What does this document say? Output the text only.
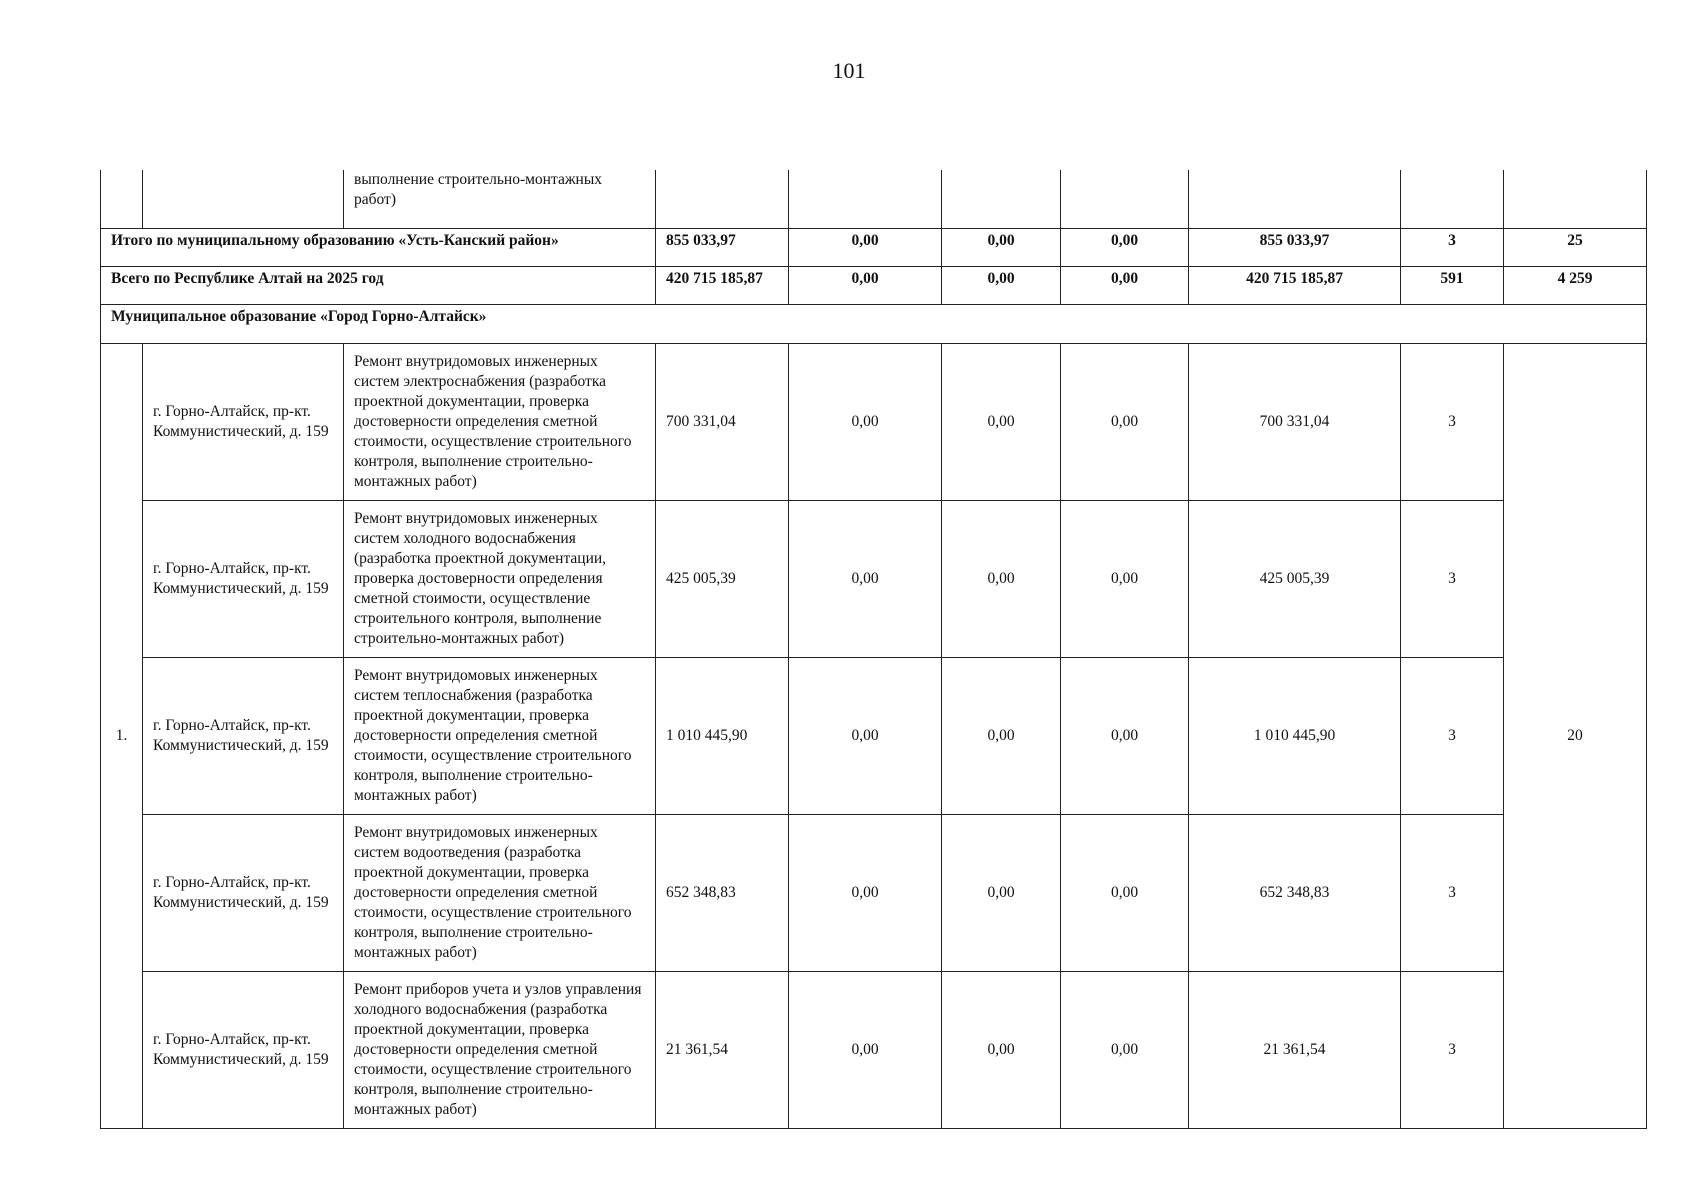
101
		выполнение строительно-монтажных работ)							
Итого по муниципальному образованию «Усть-Канский район»			855 033,97	0,00	0,00	0,00	855 033,97	3	25
Всего по Республике Алтай на 2025 год			420 715 185,87	0,00	0,00	0,00	420 715 185,87	591	4 259
Муниципальное образование «Город Горно-Алтайск»									
1.	г. Горно-Алтайск, пр-кт. Коммунистический, д. 159	Ремонт внутридомовых инженерных систем электроснабжения (разработка проектной документации, проверка достоверности определения сметной стоимости, осуществление строительного контроля, выполнение строительно-монтажных работ)	700 331,04	0,00	0,00	0,00	700 331,04	3	20
	г. Горно-Алтайск, пр-кт. Коммунистический, д. 159	Ремонт внутридомовых инженерных систем холодного водоснабжения (разработка проектной документации, проверка достоверности определения сметной стоимости, осуществление строительного контроля, выполнение строительно-монтажных работ)	425 005,39	0,00	0,00	0,00	425 005,39	3	
	г. Горно-Алтайск, пр-кт. Коммунистический, д. 159	Ремонт внутридомовых инженерных систем теплоснабжения (разработка проектной документации, проверка достоверности определения сметной стоимости, осуществление строительного контроля, выполнение строительно-монтажных работ)	1 010 445,90	0,00	0,00	0,00	1 010 445,90	3	
	г. Горно-Алтайск, пр-кт. Коммунистический, д. 159	Ремонт внутридомовых инженерных систем водоотведения (разработка проектной документации, проверка достоверности определения сметной стоимости, осуществление строительного контроля, выполнение строительно-монтажных работ)	652 348,83	0,00	0,00	0,00	652 348,83	3	
	г. Горно-Алтайск, пр-кт. Коммунистический, д. 159	Ремонт приборов учета и узлов управления холодного водоснабжения (разработка проектной документации, проверка достоверности определения сметной стоимости, осуществление строительного контроля, выполнение строительно-монтажных работ)	21 361,54	0,00	0,00	0,00	21 361,54	3	
